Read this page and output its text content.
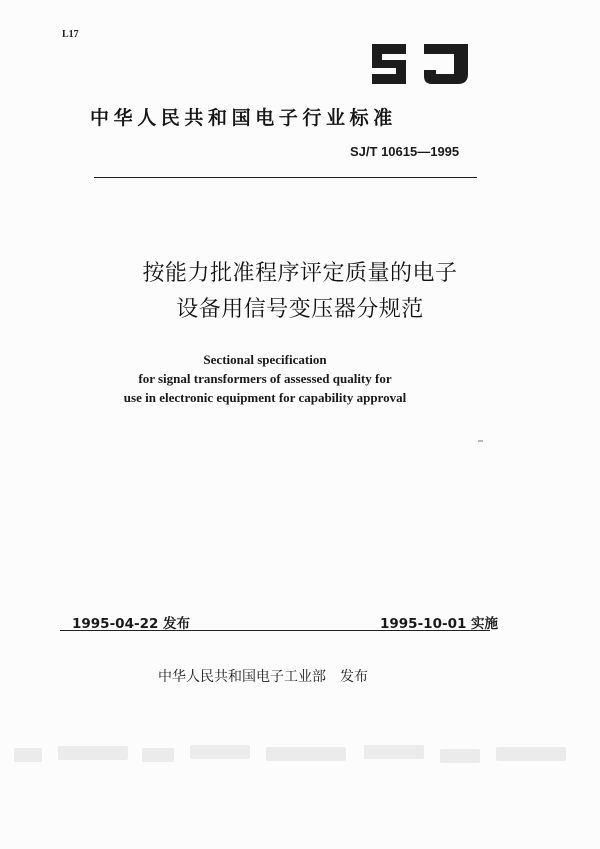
L17
中华人民共和国电子行业标准
SJ/T 10615—1995
按能力批准程序评定质量的电子
设备用信号变压器分规范
Sectional specification
for signal transformers of assessed quality for
use in electronic equipment for capability approval
1995-04-22 发布	1995-10-01 实施
中华人民共和国电子工业部 发布
